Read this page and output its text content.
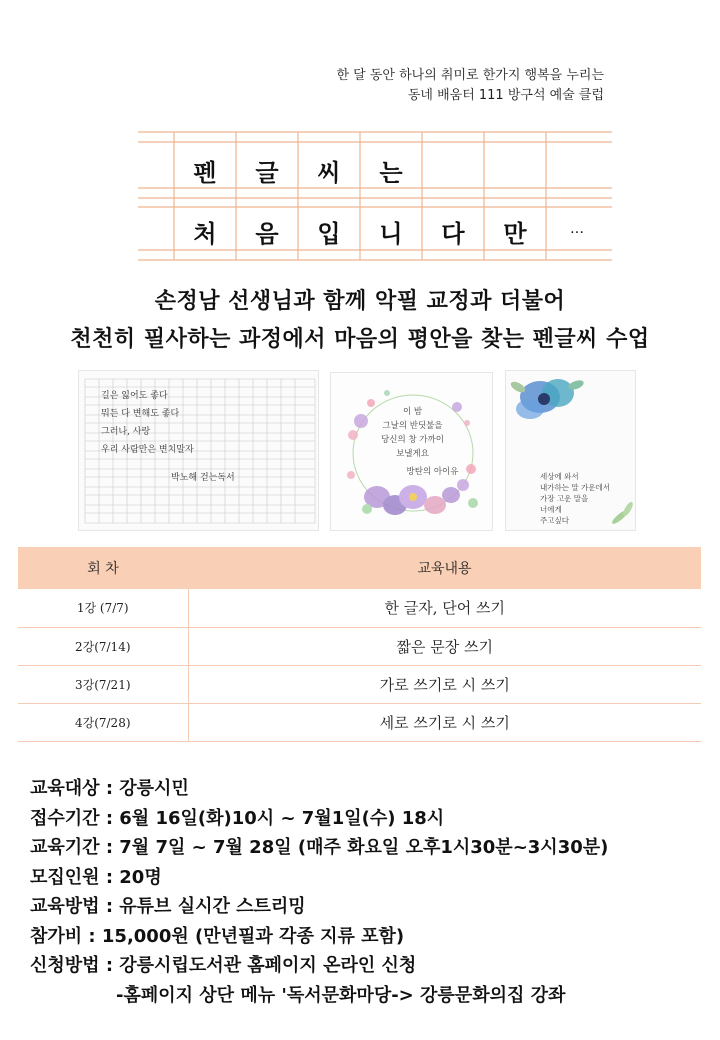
한 달 동안 하나의 취미로 한가지 행복을 누리는
동네 배움터 111 방구석 예술 클럽
펜	글	씨	는
처	음	입	니	다	만	…
손정남 선생님과 함께 악필 교정과 더불어
천천히 필사하는 과정에서 마음의 평안을 찾는 펜글씨 수업
길은 잃어도 좋다
뭐든 다 변해도 좋다
그러나, 사랑
우리 사람만은 변치말자
박노해 걷는독서
이 밤
그날의 반딧불을
당신의 창 가까이
보낼게요
방탄의 아이유	세상에 와서
내가하는 말 가운데서
가장 고운 말을
너에게
주고싶다
회 차	교육내용
1강 (7/7)	한 글자, 단어 쓰기
2강(7/14)	짧은 문장 쓰기
3강(7/21)	가로 쓰기로 시 쓰기
4강(7/28)	세로 쓰기로 시 쓰기
교육대상 : 강릉시민
접수기간 : 6월 16일(화)10시 ~ 7월1일(수) 18시
교육기간 : 7월 7일 ~ 7월 28일 (매주 화요일 오후1시30분~3시30분)
모집인원 : 20명
교육방법 : 유튜브 실시간 스트리밍
참가비 : 15,000원 (만년필과 각종 지류 포함)
신청방법 : 강릉시립도서관 홈페이지 온라인 신청
-홈페이지 상단 메뉴 '독서문화마당-> 강릉문화의집 강좌
